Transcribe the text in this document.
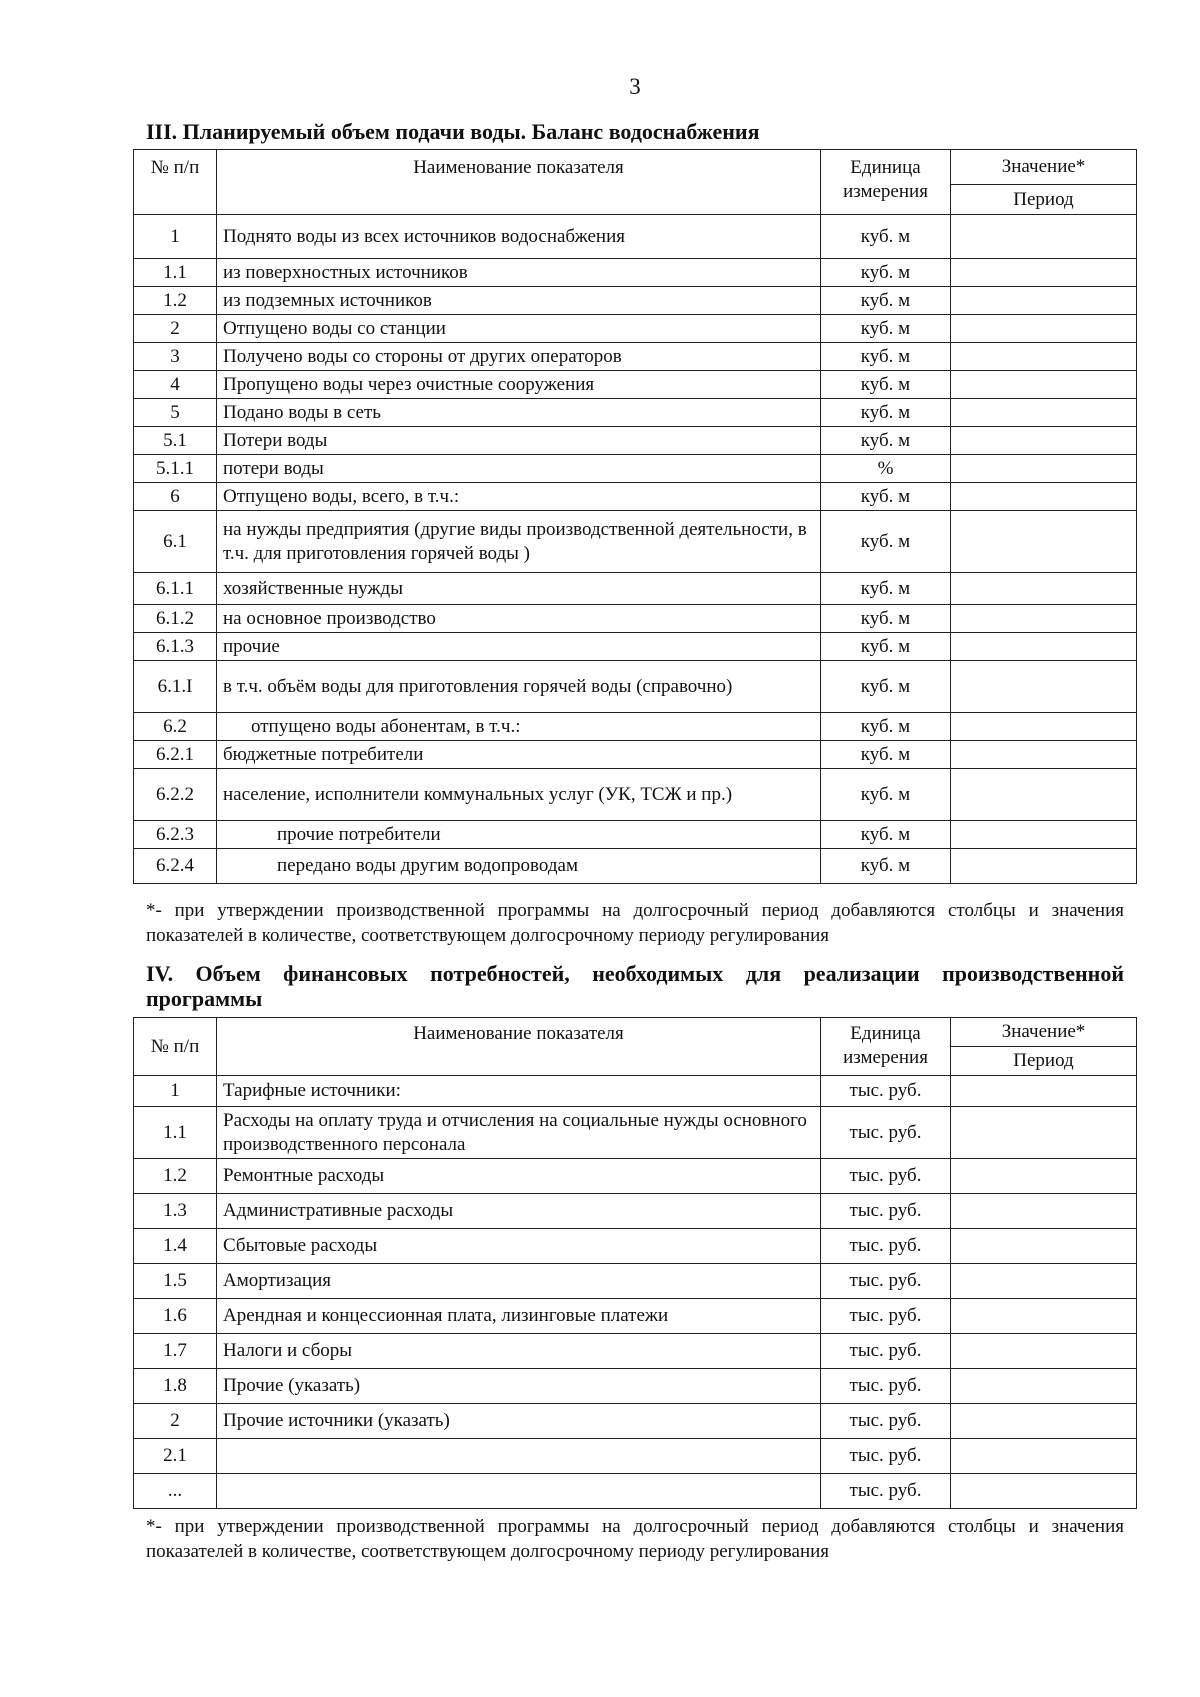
3
III. Планируемый объем подачи воды. Баланс водоснабжения
№ п/п	Наименование показателя	Единица измерения	Значение*
			Период
1	Поднято воды из всех источников водоснабжения	куб. м	
1.1	из поверхностных источников	куб. м	
1.2	из подземных источников	куб. м	
2	Отпущено воды со станции	куб. м	
3	Получено воды со стороны от других операторов	куб. м	
4	Пропущено воды через очистные сооружения	куб. м	
5	Подано воды в сеть	куб. м	
5.1	Потери воды	куб. м	
5.1.1	потери воды	%	
6	Отпущено воды, всего, в т.ч.:	куб. м	
6.1	на нужды предприятия (другие виды производственной деятельности, в т.ч. для приготовления горячей воды )	куб. м	
6.1.1	хозяйственные нужды	куб. м	
6.1.2	на основное производство	куб. м	
6.1.3	прочие	куб. м	
6.1.I	в т.ч. объём воды для приготовления горячей воды (справочно)	куб. м	
6.2	отпущено воды абонентам, в т.ч.:	куб. м	
6.2.1	бюджетные потребители	куб. м	
6.2.2	население, исполнители коммунальных услуг (УК, ТСЖ и пр.)	куб. м	
6.2.3	прочие потребители	куб. м	
6.2.4	передано воды другим водопроводам	куб. м	
*- при утверждении производственной программы на долгосрочный период добавляются столбцы и значения показателей в количестве, соответствующем долгосрочному периоду регулирования
IV. Объем финансовых потребностей, необходимых для реализации производственной программы
№ п/п	Наименование показателя	Единица измерения	Значение*
			Период
1	Тарифные источники:	тыс. руб.	
1.1	Расходы на оплату труда и отчисления на социальные нужды основного производственного персонала	тыс. руб.	
1.2	Ремонтные расходы	тыс. руб.	
1.3	Административные расходы	тыс. руб.	
1.4	Сбытовые расходы	тыс. руб.	
1.5	Амортизация	тыс. руб.	
1.6	Арендная и концессионная плата, лизинговые платежи	тыс. руб.	
1.7	Налоги и сборы	тыс. руб.	
1.8	Прочие (указать)	тыс. руб.	
2	Прочие источники (указать)	тыс. руб.	
2.1		тыс. руб.	
...		тыс. руб.	
*- при утверждении производственной программы на долгосрочный период добавляются столбцы и значения показателей в количестве, соответствующем долгосрочному периоду регулирования
